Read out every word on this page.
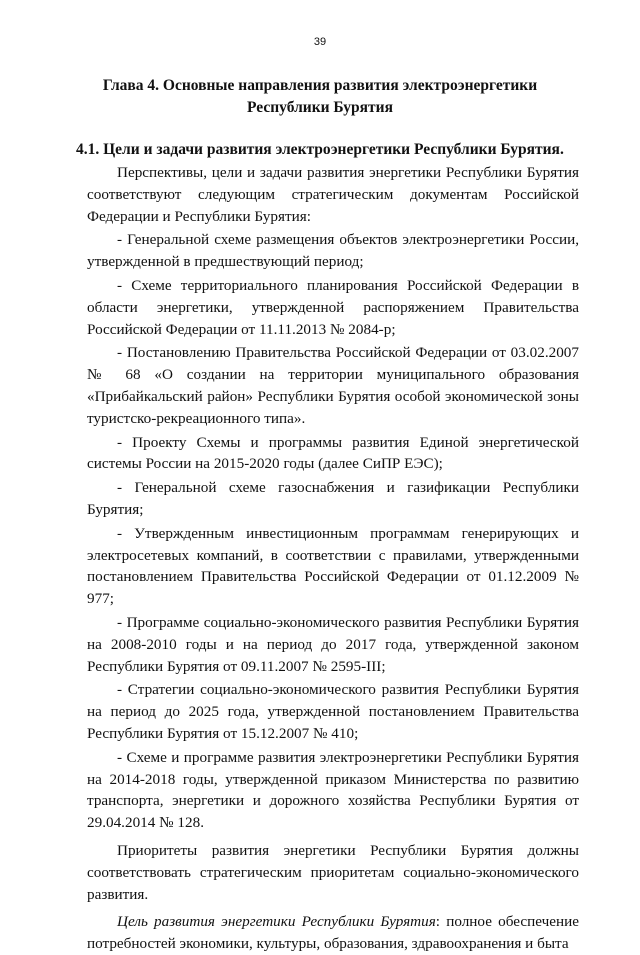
39
Глава 4. Основные направления развития электроэнергетики
Республики Бурятия
4.1. Цели и задачи развития электроэнергетики Республики Бурятия.

Перспективы, цели и задачи развития энергетики Республики Бурятия соответствуют следующим стратегическим документам Российской Федерации и Республики Бурятия:

- Генеральной схеме размещения объектов электроэнергетики России, утвержденной в предшествующий период;

- Схеме территориального планирования Российской Федерации в области энергетики, утвержденной распоряжением Правительства Российской Федерации от 11.11.2013 № 2084-р;

- Постановлению Правительства Российской Федерации от 03.02.2007 № 68 «О создании на территории муниципального образования «Прибайкальский район» Республики Бурятия особой экономической зоны туристско-рекреационного типа».

- Проекту Схемы и программы развития Единой энергетической системы России на 2015-2020 годы (далее СиПР ЕЭС);

- Генеральной схеме газоснабжения и газификации Республики Бурятия;

- Утвержденным инвестиционным программам генерирующих и электросетевых компаний, в соответствии с правилами, утвержденными постановлением Правительства Российской Федерации от 01.12.2009 № 977;

- Программе социально-экономического развития Республики Бурятия на 2008-2010 годы и на период до 2017 года, утвержденной законом Республики Бурятия от 09.11.2007 № 2595-III;

- Стратегии социально-экономического развития Республики Бурятия на период до 2025 года, утвержденной постановлением Правительства Республики Бурятия от 15.12.2007 № 410;

- Схеме и программе развития электроэнергетики Республики Бурятия на 2014-2018 годы, утвержденной приказом Министерства по развитию транспорта, энергетики и дорожного хозяйства Республики Бурятия от 29.04.2014 № 128.

Приоритеты развития энергетики Республики Бурятия должны соответствовать стратегическим приоритетам социально-экономического развития.

Цель развития энергетики Республики Бурятия: полное обеспечение потребностей экономики, культуры, образования, здравоохранения и быта
